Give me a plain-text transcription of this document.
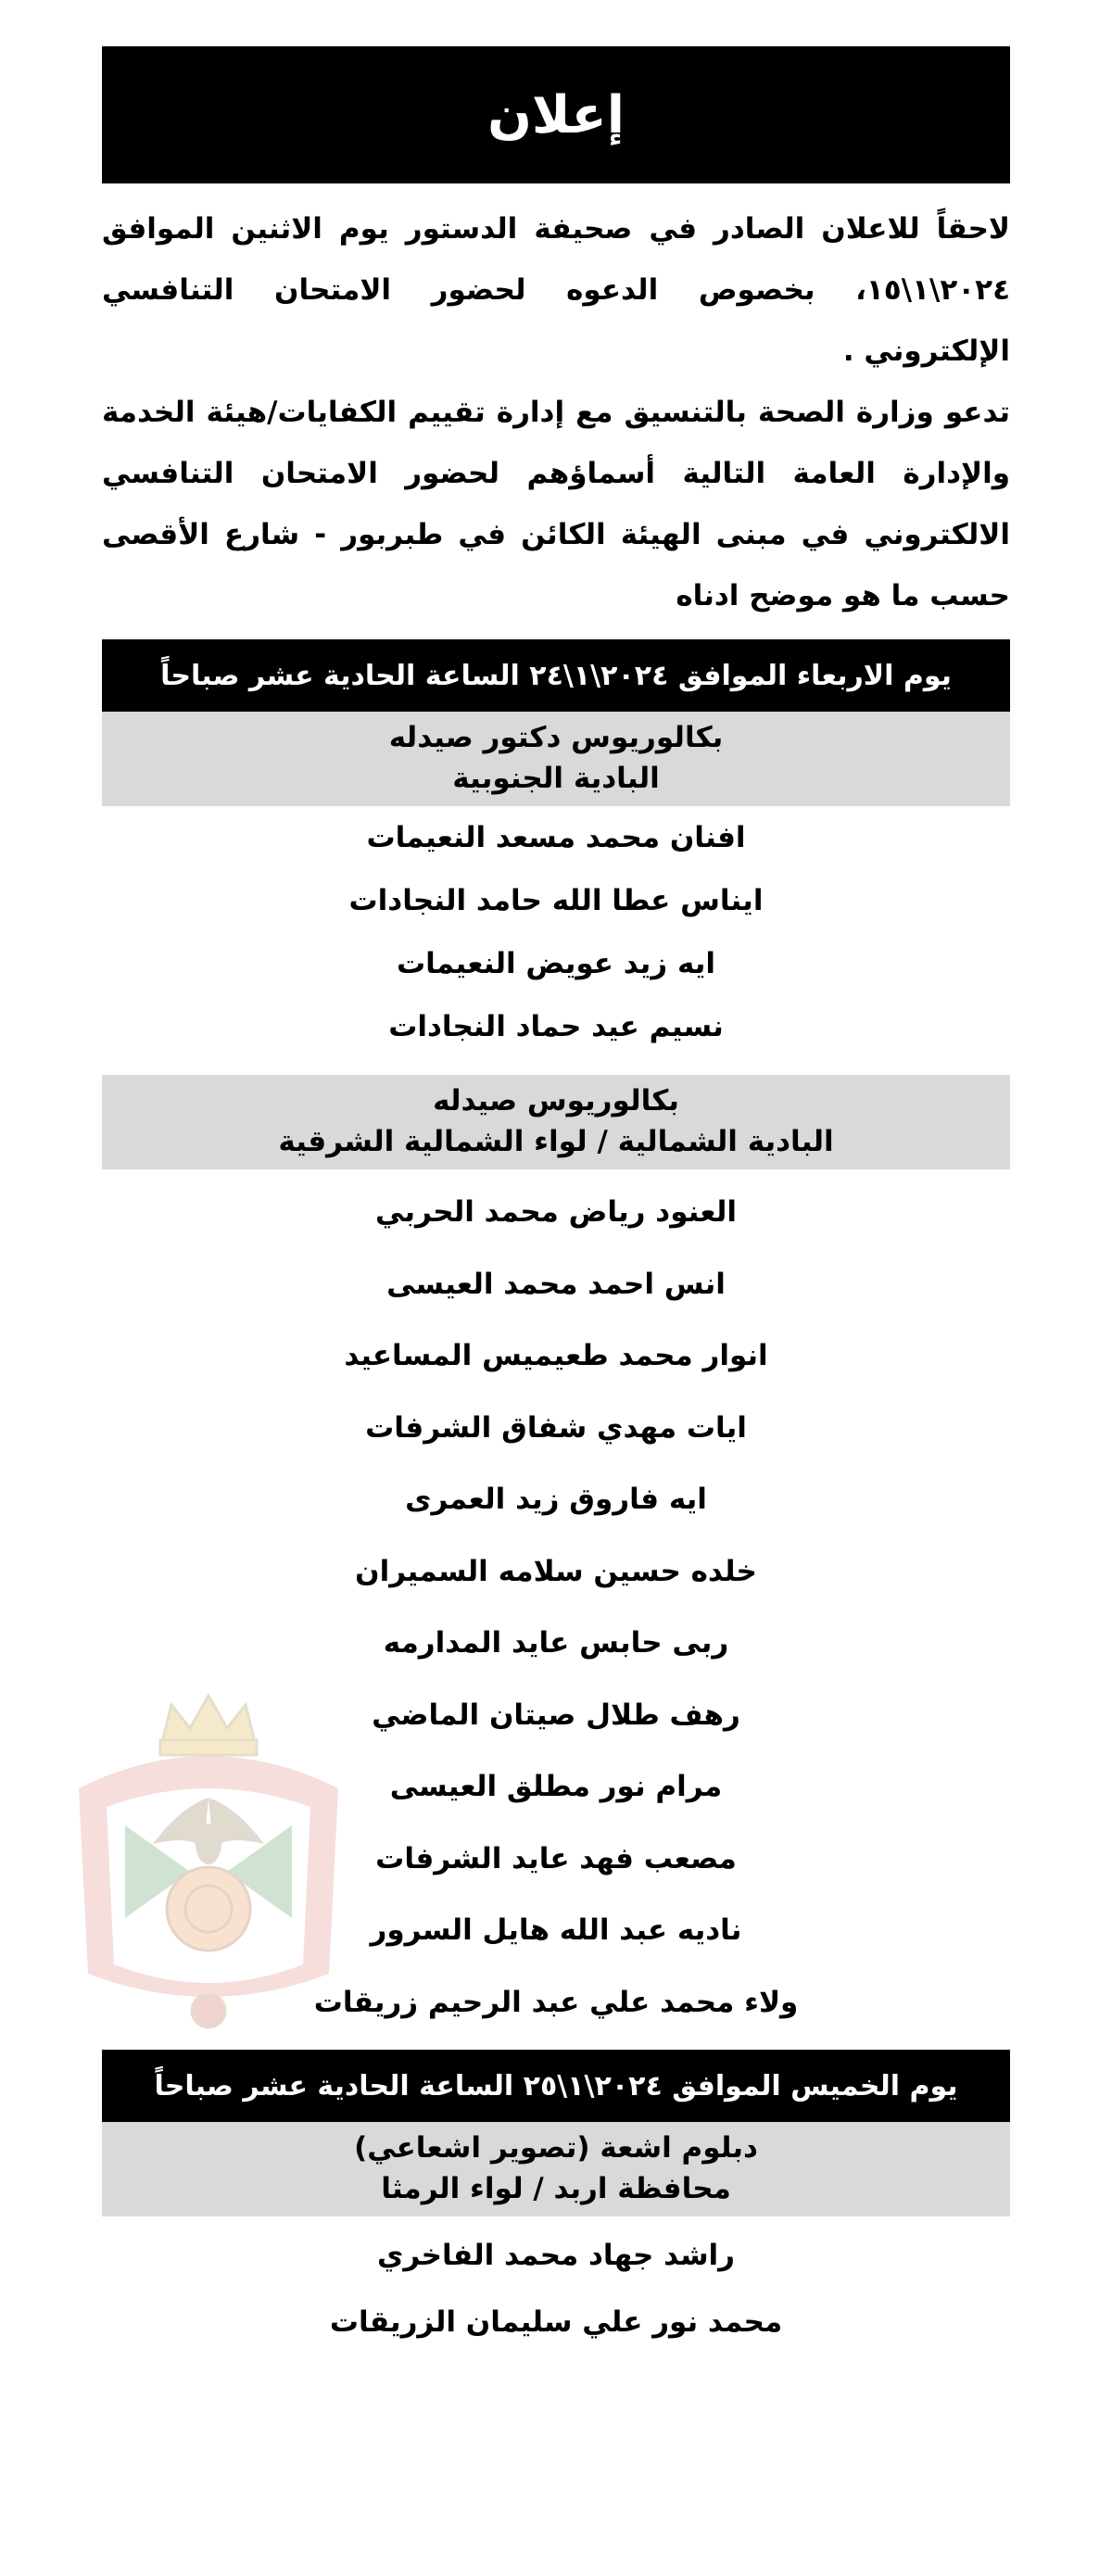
إعلان

لاحقاً للاعلان الصادر في صحيفة الدستور يوم الاثنين الموافق ٢٠٢٤\١\١٥، بخصوص الدعوه لحضور الامتحان التنافسي الإلكتروني .

تدعو وزارة الصحة بالتنسيق مع إدارة تقييم الكفايات/هيئة الخدمة والإدارة العامة التالية أسماؤهم لحضور الامتحان التنافسي الالكتروني في مبنى الهيئة الكائن في طبربور - شارع الأقصى حسب ما هو موضح ادناه

يوم الاربعاء الموافق ٢٠٢٤\١\٢٤ الساعة الحادية عشر صباحاً
بكالوريوس دكتور صيدله
البادية الجنوبية
افنان محمد مسعد النعيمات
ايناس عطا الله حامد النجادات
ايه زيد عويض النعيمات
نسيم عيد حماد النجادات
بكالوريوس صيدله
البادية الشمالية / لواء الشمالية الشرقية
العنود رياض محمد الحربي
انس احمد محمد العيسى
انوار محمد طعيميس المساعيد
ايات مهدي شفاق الشرفات
ايه فاروق زيد العمرى
خلده حسين سلامه السميران
ربى حابس عايد المدارمه
رهف طلال صيتان الماضي
مرام نور مطلق العيسى
مصعب فهد عايد الشرفات
ناديه عبد الله هايل السرور
ولاء محمد علي عبد الرحيم زريقات
يوم الخميس الموافق ٢٠٢٤\١\٢٥ الساعة الحادية عشر صباحاً
دبلوم اشعة (تصوير اشعاعي)
محافظة اربد / لواء الرمثا
راشد جهاد محمد الفاخري
محمد نور علي سليمان الزريقات
